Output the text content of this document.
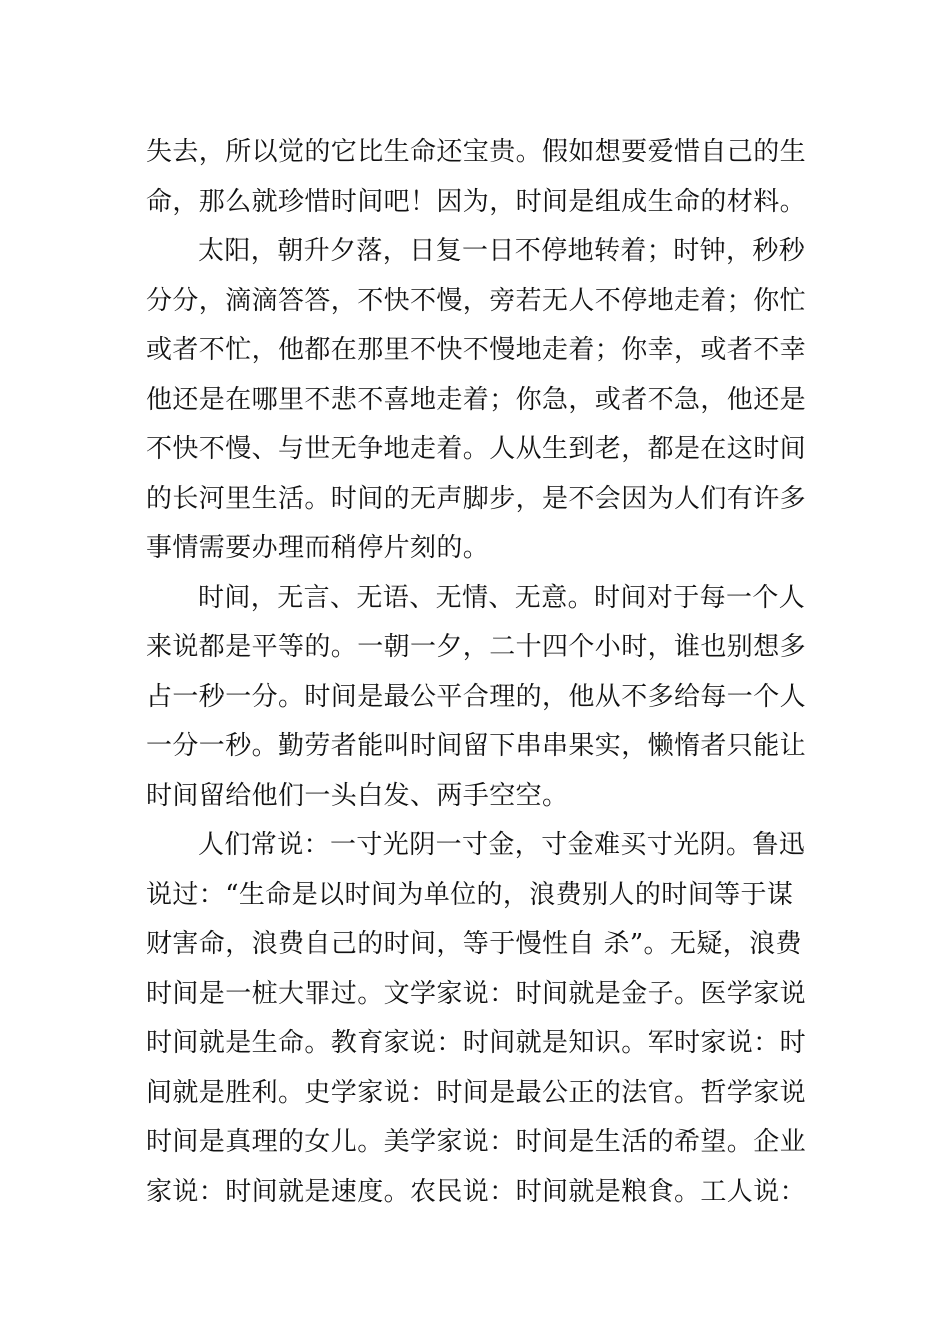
失去，所以觉的它比生命还宝贵。假如想要爱惜自己的生
命，那么就珍惜时间吧！因为，时间是组成生命的材料。
太阳，朝升夕落，日复一日不停地转着；时钟，秒秒
分分，滴滴答答，不快不慢，旁若无人不停地走着；你忙
或者不忙，他都在那里不快不慢地走着；你幸，或者不幸
他还是在哪里不悲不喜地走着；你急，或者不急，他还是
不快不慢、与世无争地走着。人从生到老，都是在这时间
的长河里生活。时间的无声脚步，是不会因为人们有许多
事情需要办理而稍停片刻的。
时间，无言、无语、无情、无意。时间对于每一个人
来说都是平等的。一朝一夕，二十四个小时，谁也别想多
占一秒一分。时间是最公平合理的，他从不多给每一个人
一分一秒。勤劳者能叫时间留下串串果实，懒惰者只能让
时间留给他们一头白发、两手空空。
人们常说：一寸光阴一寸金，寸金难买寸光阴。鲁迅
说过：“生命是以时间为单位的，浪费别人的时间等于谋
财害命，浪费自己的时间，等于慢性自 杀”。无疑，浪费
时间是一桩大罪过。文学家说：时间就是金子。医学家说
时间就是生命。教育家说：时间就是知识。军时家说：时
间就是胜利。史学家说：时间是最公正的法官。哲学家说
时间是真理的女儿。美学家说：时间是生活的希望。企业
家说：时间就是速度。农民说：时间就是粮食。工人说：
